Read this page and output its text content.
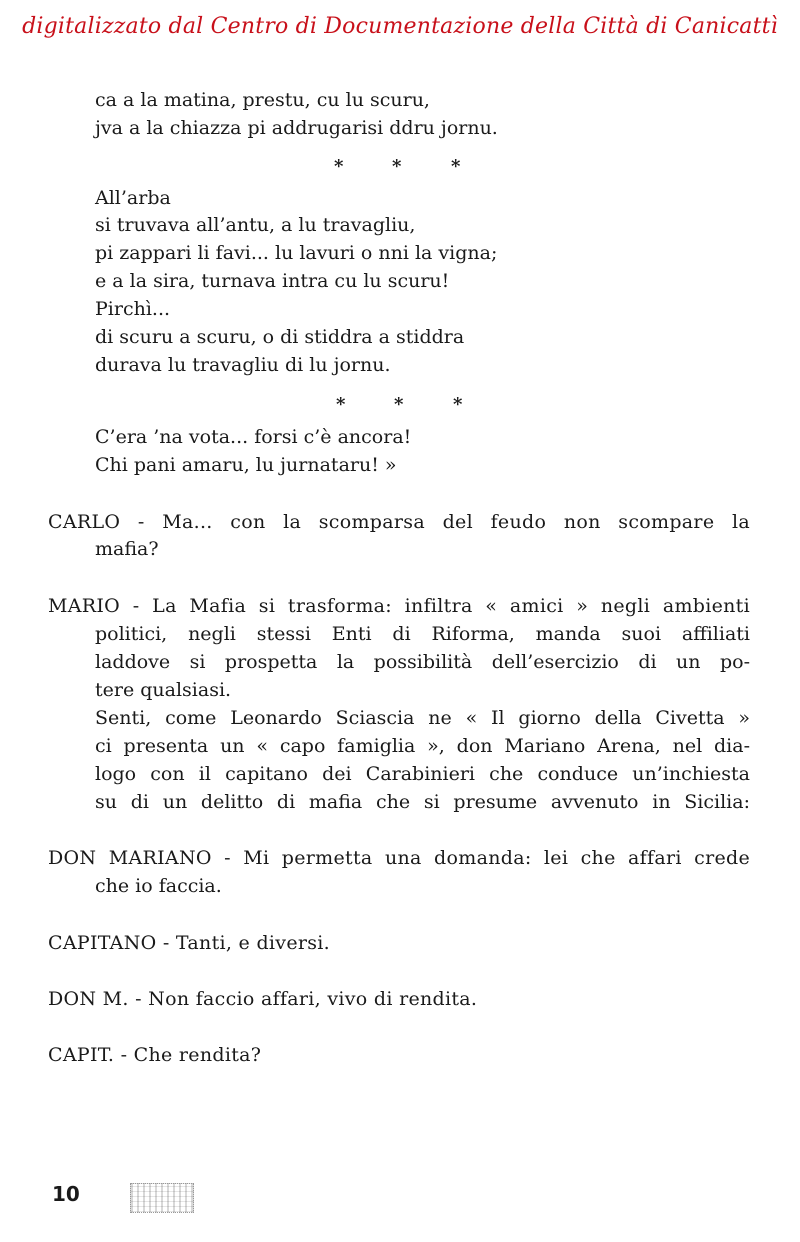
digitalizzato dal Centro di Documentazione della Città di Canicattì
ca a la matina, prestu, cu lu scuru,
jva a la chiazza pi addrugarisi ddru jornu.
*	*	*
All’arba
si truvava all’antu, a lu travagliu,
pi zappari li favi... lu lavuri o nni la vigna;
e a la sira, turnava intra cu lu scuru!
Pirchì...
di scuru a scuru, o di stiddra a stiddra
durava lu travagliu di lu jornu.
*	*	*
C’era ’na vota... forsi c’è ancora!
Chi pani amaru, lu jurnataru! »
CARLO - Ma... con la scomparsa del feudo non scompare la
mafia?
MARIO - La Mafia si trasforma: infiltra « amici » negli ambienti
politici, negli stessi Enti di Riforma, manda suoi affiliati
laddove si prospetta la possibilità dell’esercizio di un po-
tere qualsiasi.
Senti, come Leonardo Sciascia ne « Il giorno della Civetta »
ci presenta un « capo famiglia », don Mariano Arena, nel dia-
logo con il capitano dei Carabinieri che conduce un’inchiesta
su di un delitto di mafia che si presume avvenuto in Sicilia:
DON MARIANO - Mi permetta una domanda: lei che affari crede
che io faccia.
CAPITANO - Tanti, e diversi.
DON M. - Non faccio affari, vivo di rendita.
CAPIT. - Che rendita?
10
